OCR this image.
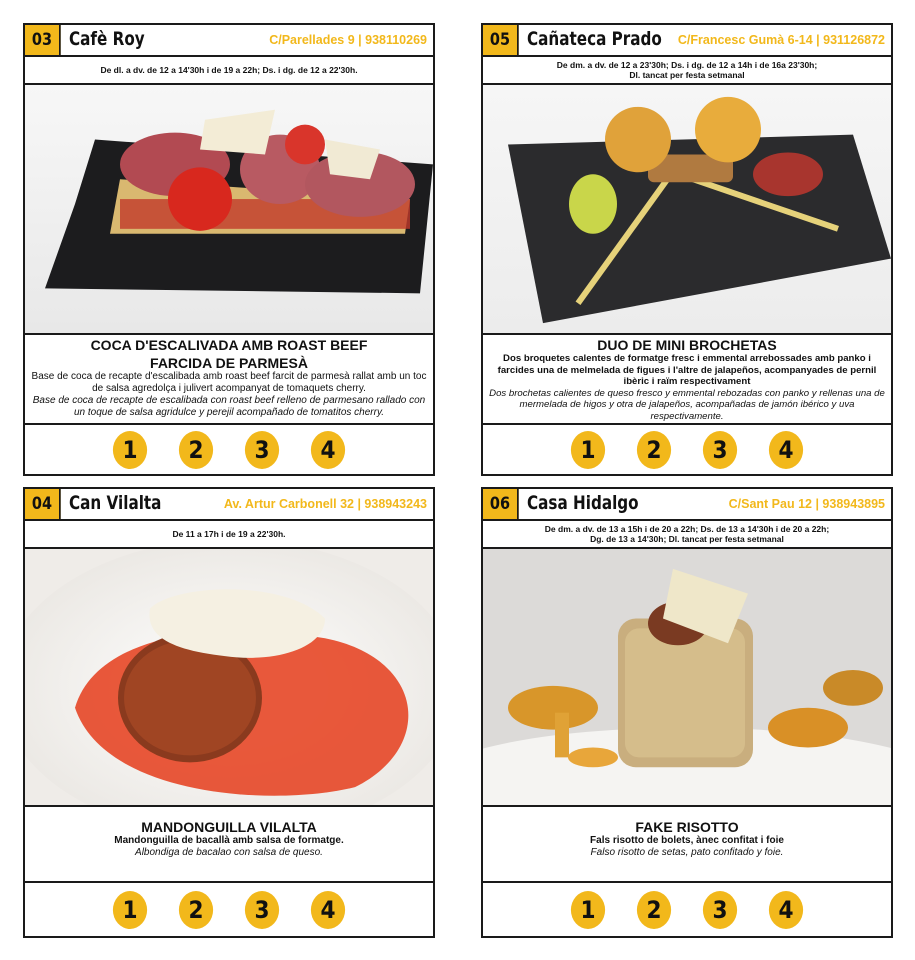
03 Cafè Roy	C/Parellades 9 | 938110269
De dl. a dv. de 12 a 14'30h i de 19 a 22h; Ds. i dg. de 12 a 22'30h.
COCA D'ESCALIVADA AMB ROAST BEEF
FARCIDA DE PARMESÀ
Base de coca de recapte d'escalibada amb roast beef farcit de parmesà rallat amb un toc de salsa agredolça i julivert acompanyat de tomaquets cherry.
Base de coca de recapte de escalibada con roast beef relleno de parmesano rallado con un toque de salsa agridulce y perejil acompañado de tomatitos cherry.
1	2	3	4
05 Cañateca Prado C/Francesc Gumà 6-14 | 931126872
De dm. a dv. de 12 a 23'30h; Ds. i dg. de 12 a 14h i de 16a 23'30h;
Dl. tancat per festa setmanal
DUO DE MINI BROCHETAS
Dos broquetes calentes de formatge fresc i emmental arrebossades amb panko i farcides una de melmelada de figues i l'altre de jalapeños, acompanyades de pernil ibèric i raïm respectivament
Dos brochetas calientes de queso fresco y emmental rebozadas con panko y rellenas una de mermelada de higos y otra de jalapeños, acompañadas de jamón ibérico y uva respectivamente.
1	2	3	4
04 Can Vilalta	Av. Artur Carbonell 32 | 938943243
De 11 a 17h i de 19 a 22'30h.
MANDONGUILLA VILALTA
Mandonguilla de bacallà amb salsa de formatge.
Albondiga de bacalao con salsa de queso.
1	2	3	4
06 Casa Hidalgo	C/Sant Pau 12 | 938943895
De dm. a dv. de 13 a 15h i de 20 a 22h; Ds. de 13 a 14'30h i de 20 a 22h;
Dg. de 13 a 14'30h; Dl. tancat per festa setmanal
FAKE RISOTTO
Fals risotto de bolets, ànec confitat i foie
Falso risotto de setas, pato confitado y foie.
1	2	3	4
